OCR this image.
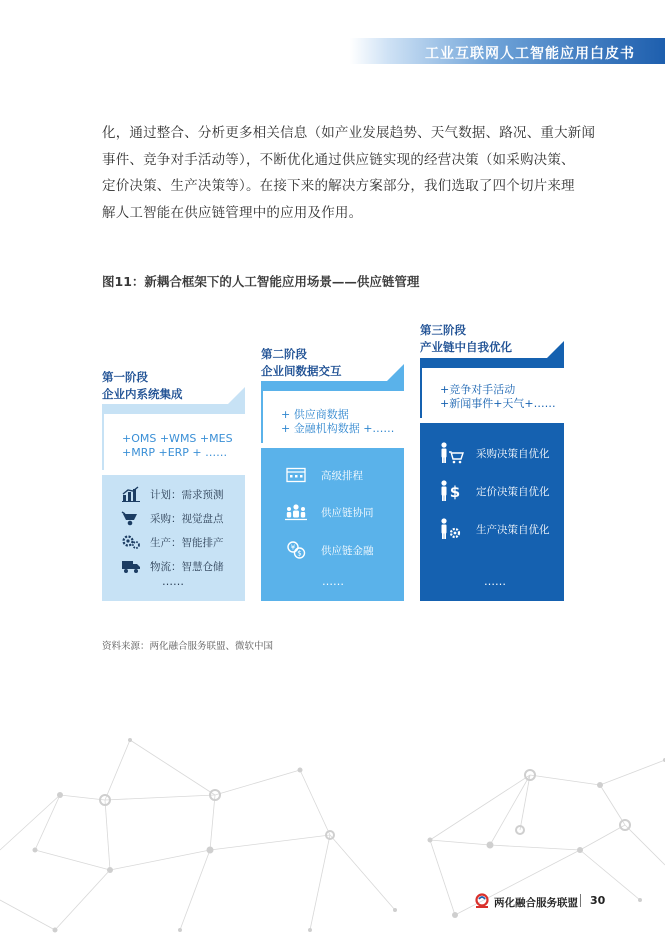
工业互联网人工智能应用白皮书

化，通过整合、分析更多相关信息（如产业发展趋势、天气数据、路况、重大新闻

事件、竞争对手活动等），不断优化通过供应链实现的经营决策（如采购决策、

定价决策、生产决策等）。在接下来的解决方案部分，我们选取了四个切片来理

解人工智能在供应链管理中的应用及作用。

图11：新耦合框架下的人工智能应用场景——供应链管理
第一阶段
企业内系统集成
+OMS +WMS +MES
+MRP +ERP + ……
计划：需求预测
采购：视觉盘点
生产：智能排产
物流：智慧仓储
……
第二阶段
企业间数据交互
+ 供应商数据
+ 金融机构数据 +……
高级排程
供应链协同
¥
$ 供应链金融
……
第三阶段
产业链中自我优化
+竞争对手活动
+新闻事件+天气+……
采购决策自优化
$ 定价决策自优化
生产决策自优化
……
资料来源：两化融合服务联盟、微软中国
两化融合服务联盟 30
